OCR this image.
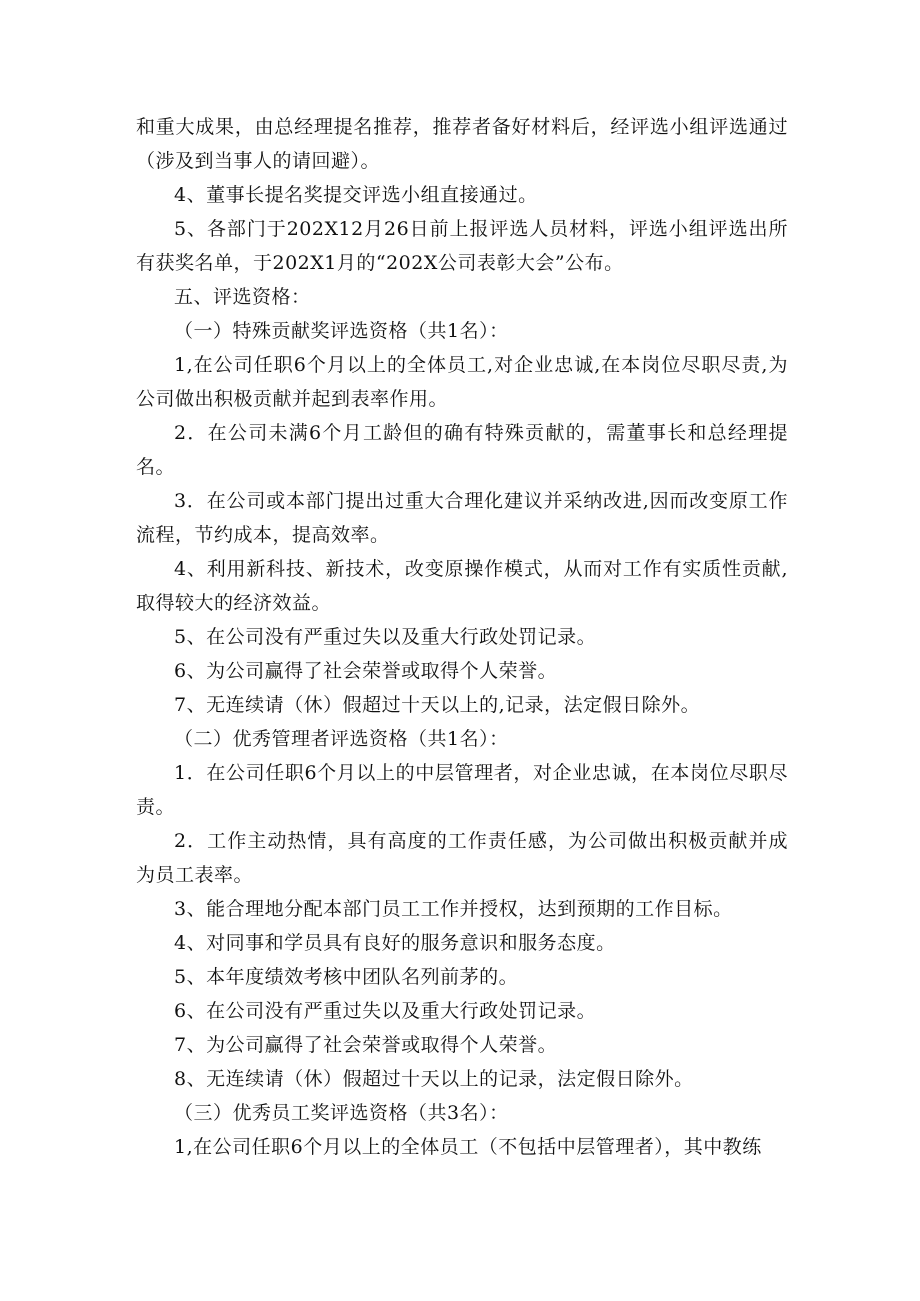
和重大成果，由总经理提名推荐，推荐者备好材料后，经评选小组评选通过（涉及到当事人的请回避）。

4、董事长提名奖提交评选小组直接通过。

5、各部门于202X12月26日前上报评选人员材料，评选小组评选出所有获奖名单，于202X1月的“202X公司表彰大会”公布。

五、评选资格：

（一）特殊贡献奖评选资格（共1名）：

1,在公司任职6个月以上的全体员工,对企业忠诚,在本岗位尽职尽责,为公司做出积极贡献并起到表率作用。

2．在公司未满6个月工龄但的确有特殊贡献的，需董事长和总经理提名。

3．在公司或本部门提出过重大合理化建议并采纳改进,因而改变原工作流程，节约成本，提高效率。

4、利用新科技、新技术，改变原操作模式，从而对工作有实质性贡献,取得较大的经济效益。

5、在公司没有严重过失以及重大行政处罚记录。

6、为公司赢得了社会荣誉或取得个人荣誉。

7、无连续请（休）假超过十天以上的,记录，法定假日除外。

（二）优秀管理者评选资格（共1名）：

1．在公司任职6个月以上的中层管理者，对企业忠诚，在本岗位尽职尽责。

2．工作主动热情，具有高度的工作责任感，为公司做出积极贡献并成为员工表率。

3、能合理地分配本部门员工工作并授权，达到预期的工作目标。

4、对同事和学员具有良好的服务意识和服务态度。

5、本年度绩效考核中团队名列前茅的。

6、在公司没有严重过失以及重大行政处罚记录。

7、为公司赢得了社会荣誉或取得个人荣誉。

8、无连续请（休）假超过十天以上的记录，法定假日除外。

（三）优秀员工奖评选资格（共3名）：

1,在公司任职6个月以上的全体员工（不包括中层管理者），其中教练
